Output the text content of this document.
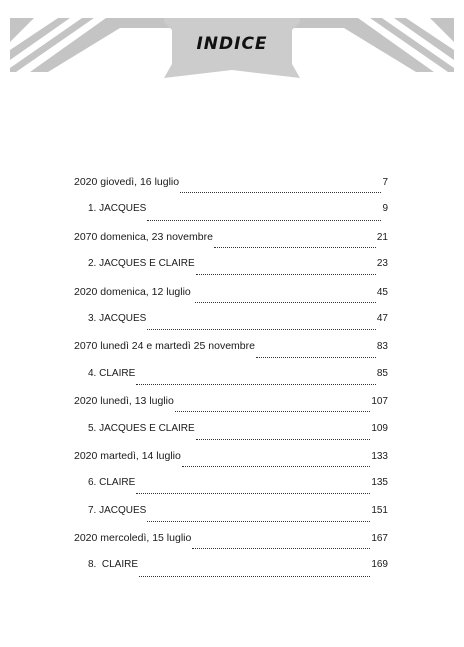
INDICE
2020 giovedì, 16 luglio	7
1. JACQUES	9
2070 domenica, 23 novembre	21
2. JACQUES E CLAIRE	23
2020 domenica, 12 luglio	45
3. JACQUES	47
2070 lunedì 24 e martedì 25 novembre	83
4. CLAIRE	85
2020 lunedì, 13 luglio	107
5. JACQUES E CLAIRE	109
2020 martedì, 14 luglio	133
6. CLAIRE	135
7. JACQUES	151
2020 mercoledì, 15 luglio	167
8.  CLAIRE	169
